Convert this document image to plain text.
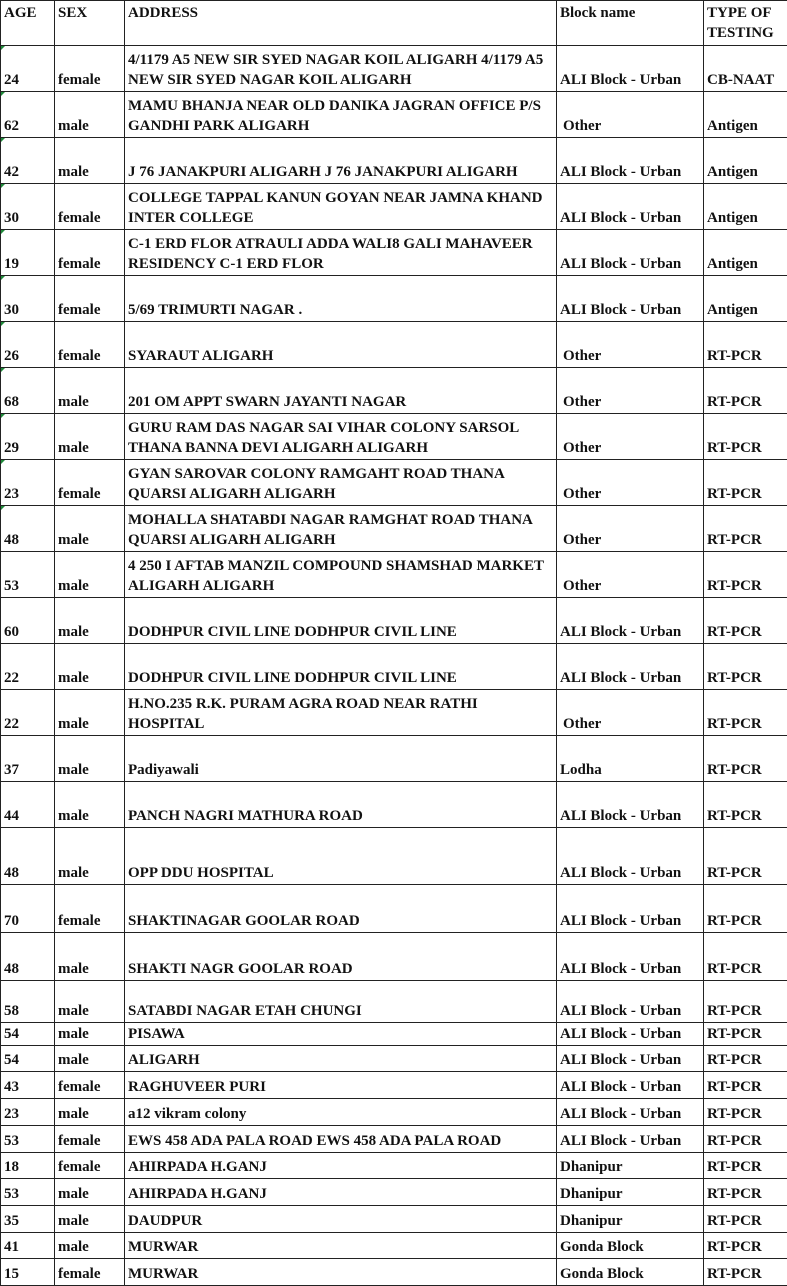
AGE	SEX	ADDRESS	Block name	TYPE OF TESTING
24	female	4/1179 A5 NEW SIR SYED NAGAR KOIL ALIGARH 4/1179 A5 NEW SIR SYED NAGAR KOIL ALIGARH	ALI Block - Urban	CB-NAAT
62	male	MAMU BHANJA NEAR OLD DANIKA JAGRAN OFFICE P/S GANDHI PARK ALIGARH	Other	Antigen
42	male	J 76 JANAKPURI ALIGARH J 76 JANAKPURI ALIGARH	ALI Block - Urban	Antigen
30	female	COLLEGE TAPPAL KANUN GOYAN NEAR JAMNA KHAND INTER COLLEGE	ALI Block - Urban	Antigen
19	female	C-1 ERD FLOR ATRAULI ADDA WALI8 GALI MAHAVEER RESIDENCY C-1 ERD FLOR	ALI Block - Urban	Antigen
30	female	5/69 TRIMURTI NAGAR .	ALI Block - Urban	Antigen
26	female	SYARAUT ALIGARH	Other	RT-PCR
68	male	201 OM APPT SWARN JAYANTI NAGAR	Other	RT-PCR
29	male	GURU RAM DAS NAGAR SAI VIHAR COLONY SARSOL THANA BANNA DEVI ALIGARH ALIGARH	Other	RT-PCR
23	female	GYAN SAROVAR COLONY RAMGAHT ROAD THANA QUARSI ALIGARH ALIGARH	Other	RT-PCR
48	male	MOHALLA SHATABDI NAGAR RAMGHAT ROAD THANA QUARSI ALIGARH ALIGARH	Other	RT-PCR
53	male	4 250 I AFTAB MANZIL COMPOUND SHAMSHAD MARKET ALIGARH ALIGARH	Other	RT-PCR
60	male	DODHPUR CIVIL LINE DODHPUR CIVIL LINE	ALI Block - Urban	RT-PCR
22	male	DODHPUR CIVIL LINE DODHPUR CIVIL LINE	ALI Block - Urban	RT-PCR
22	male	H.NO.235 R.K. PURAM AGRA ROAD NEAR RATHI HOSPITAL	Other	RT-PCR
37	male	Padiyawali	Lodha	RT-PCR
44	male	PANCH NAGRI MATHURA ROAD	ALI Block - Urban	RT-PCR
48	male	OPP DDU HOSPITAL	ALI Block - Urban	RT-PCR
70	female	SHAKTINAGAR GOOLAR ROAD	ALI Block - Urban	RT-PCR
48	male	SHAKTI NAGR GOOLAR ROAD	ALI Block - Urban	RT-PCR
58	male	SATABDI NAGAR ETAH CHUNGI	ALI Block - Urban	RT-PCR
54	male	PISAWA	ALI Block - Urban	RT-PCR
54	male	ALIGARH	ALI Block - Urban	RT-PCR
43	female	RAGHUVEER PURI	ALI Block - Urban	RT-PCR
23	male	a12 vikram colony	ALI Block - Urban	RT-PCR
53	female	EWS 458 ADA PALA ROAD EWS 458 ADA PALA ROAD	ALI Block - Urban	RT-PCR
18	female	AHIRPADA H.GANJ	Dhanipur	RT-PCR
53	male	AHIRPADA H.GANJ	Dhanipur	RT-PCR
35	male	DAUDPUR	Dhanipur	RT-PCR
41	male	MURWAR	Gonda Block	RT-PCR
15	female	MURWAR	Gonda Block	RT-PCR
